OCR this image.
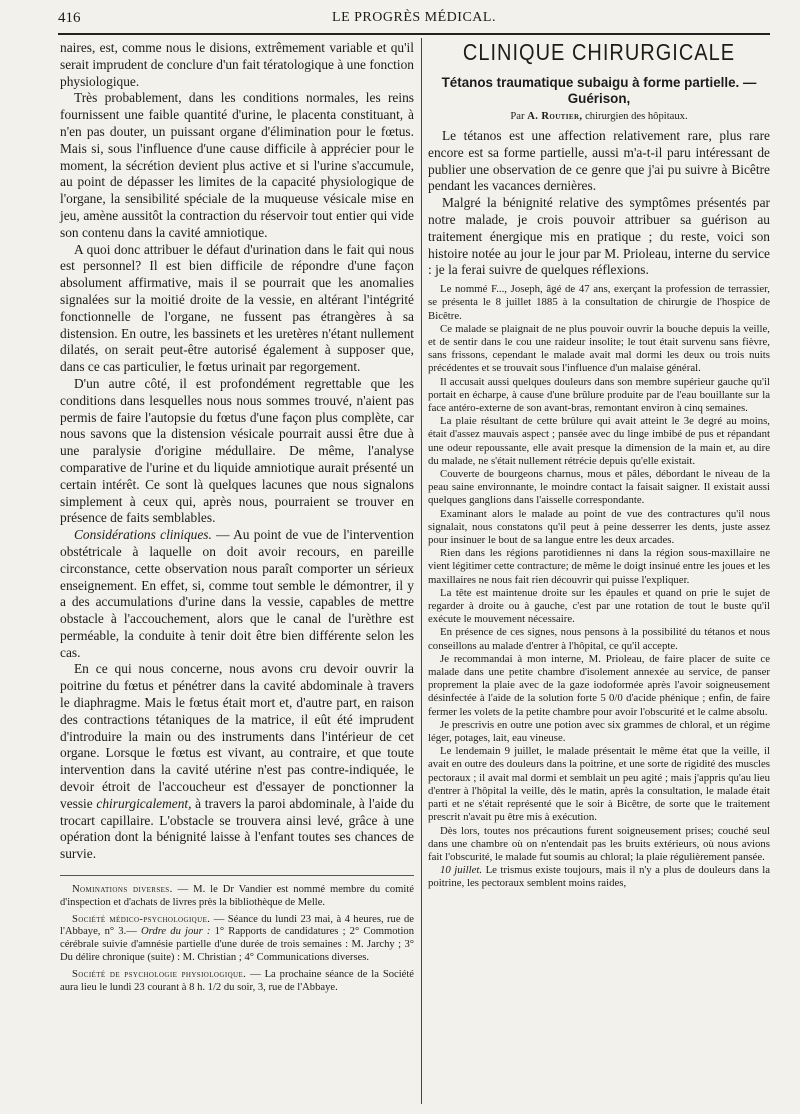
416	LE PROGRÈS MÉDICAL.

naires, est, comme nous le disions, extrêmement variable et qu'il serait imprudent de conclure d'un fait tératologique à une fonction physiologique.

Très probablement, dans les conditions normales, les reins fournissent une faible quantité d'urine, le placenta constituant, à n'en pas douter, un puissant organe d'élimination pour le fœtus. Mais si, sous l'influence d'une cause difficile à apprécier pour le moment, la sécrétion devient plus active et si l'urine s'accumule, au point de dépasser les limites de la capacité physiologique de l'organe, la sensibilité spéciale de la muqueuse vésicale mise en jeu, amène aussitôt la contraction du réservoir tout entier qui vide son contenu dans la cavité amniotique.

A quoi donc attribuer le défaut d'urination dans le fait qui nous est personnel? Il est bien difficile de répondre d'une façon absolument affirmative, mais il se pourrait que les anomalies signalées sur la moitié droite de la vessie, en altérant l'intégrité fonctionnelle de l'organe, ne fussent pas étrangères à sa distension. En outre, les bassinets et les uretères n'étant nullement dilatés, on serait peut-être autorisé également à supposer que, dans ce cas particulier, le fœtus urinait par regorgement.

D'un autre côté, il est profondément regrettable que les conditions dans lesquelles nous nous sommes trouvé, n'aient pas permis de faire l'autopsie du fœtus d'une façon plus complète, car nous savons que la distension vésicale pourrait aussi être due à une paralysie d'origine médullaire. De même, l'analyse comparative de l'urine et du liquide amniotique aurait présenté un certain intérêt. Ce sont là quelques lacunes que nous signalons simplement à ceux qui, après nous, pourraient se trouver en présence de faits semblables.

Considérations cliniques. — Au point de vue de l'intervention obstétricale à laquelle on doit avoir recours, en pareille circonstance, cette observation nous paraît comporter un sérieux enseignement. En effet, si, comme tout semble le démontrer, il y a des accumulations d'urine dans la vessie, capables de mettre obstacle à l'accouchement, alors que le canal de l'urèthre est perméable, la conduite à tenir doit être bien différente selon les cas.

En ce qui nous concerne, nous avons cru devoir ouvrir la poitrine du fœtus et pénétrer dans la cavité abdominale à travers le diaphragme. Mais le fœtus était mort et, d'autre part, en raison des contractions tétaniques de la matrice, il eût été imprudent d'introduire la main ou des instruments dans l'intérieur de cet organe. Lorsque le fœtus est vivant, au contraire, et que toute intervention dans la cavité utérine n'est pas contre-indiquée, le devoir étroit de l'accoucheur est d'essayer de ponctionner la vessie chirurgicalement, à travers la paroi abdominale, à l'aide du trocart capillaire. L'obstacle se trouvera ainsi levé, grâce à une opération dont la bénignité laisse à l'enfant toutes ses chances de survie.

Nominations diverses. — M. le Dr Vandier est nommé membre du comité d'inspection et d'achats de livres près la bibliothèque de Melle.

Société médico-psychologique. — Séance du lundi 23 mai, à 4 heures, rue de l'Abbaye, n° 3.— Ordre du jour : 1° Rapports de candidatures ; 2° Commotion cérébrale suivie d'amnésie partielle d'une durée de trois semaines : M. Jarchy ; 3° Du délire chronique (suite) : M. Christian ; 4° Communications diverses.

Société de psychologie physiologique. — La prochaine séance de la Société aura lieu le lundi 23 courant à 8 h. 1/2 du soir, 3, rue de l'Abbaye.

CLINIQUE CHIRURGICALE
Tétanos traumatique subaigu à forme partielle. — Guérison,
Par A. Routier, chirurgien des hôpitaux.

Le tétanos est une affection relativement rare, plus rare encore est sa forme partielle, aussi m'a-t-il paru intéressant de publier une observation de ce genre que j'ai pu suivre à Bicêtre pendant les vacances dernières.

Malgré la bénignité relative des symptômes présentés par notre malade, je crois pouvoir attribuer sa guérison au traitement énergique mis en pratique ; du reste, voici son histoire notée au jour le jour par M. Prioleau, interne du service : je la ferai suivre de quelques réflexions.

Le nommé F..., Joseph, âgé de 47 ans, exerçant la profession de terrassier, se présenta le 8 juillet 1885 à la consultation de chirurgie de l'hospice de Bicêtre.

Ce malade se plaignait de ne plus pouvoir ouvrir la bouche depuis la veille, et de sentir dans le cou une raideur insolite; le tout était survenu sans fièvre, sans frissons, cependant le malade avait mal dormi les deux ou trois nuits précédentes et se trouvait sous l'influence d'un malaise général.

Il accusait aussi quelques douleurs dans son membre supérieur gauche qu'il portait en écharpe, à cause d'une brûlure produite par de l'eau bouillante sur la face antéro-externe de son avant-bras, remontant environ à cinq semaines.

La plaie résultant de cette brûlure qui avait atteint le 3e degré au moins, était d'assez mauvais aspect ; pansée avec du linge imbibé de pus et répandant une odeur repoussante, elle avait presque la dimension de la main et, au dire du malade, ne s'était nullement rétrécie depuis qu'elle existait.

Couverte de bourgeons charnus, mous et pâles, débordant le niveau de la peau saine environnante, le moindre contact la faisait saigner. Il existait aussi quelques ganglions dans l'aisselle correspondante.

Examinant alors le malade au point de vue des contractures qu'il nous signalait, nous constatons qu'il peut à peine desserrer les dents, juste assez pour insinuer le bout de sa langue entre les deux arcades.

Rien dans les régions parotidiennes ni dans la région sous-maxillaire ne vient légitimer cette contracture; de même le doigt insinué entre les joues et les maxillaires ne nous fait rien découvrir qui puisse l'expliquer.

La tête est maintenue droite sur les épaules et quand on prie le sujet de regarder à droite ou à gauche, c'est par une rotation de tout le buste qu'il exécute le mouvement nécessaire.

En présence de ces signes, nous pensons à la possibilité du tétanos et nous conseillons au malade d'entrer à l'hôpital, ce qu'il accepte.

Je recommandai à mon interne, M. Prioleau, de faire placer de suite ce malade dans une petite chambre d'isolement annexée au service, de panser proprement la plaie avec de la gaze iodoformée après l'avoir soigneusement désinfectée à l'aide de la solution forte 5 0/0 d'acide phénique ; enfin, de faire fermer les volets de la petite chambre pour avoir l'obscurité et le calme absolu.

Je prescrivis en outre une potion avec six grammes de chloral, et un régime léger, potages, lait, eau vineuse.

Le lendemain 9 juillet, le malade présentait le même état que la veille, il avait en outre des douleurs dans la poitrine, et une sorte de rigidité des muscles pectoraux ; il avait mal dormi et semblait un peu agité ; mais j'appris qu'au lieu d'entrer à l'hôpital la veille, dès le matin, après la consultation, le malade était parti et ne s'était représenté que le soir à Bicêtre, de sorte que le traitement prescrit n'avait pu être mis à exécution.

Dès lors, toutes nos précautions furent soigneusement prises; couché seul dans une chambre où on n'entendait pas les bruits extérieurs, où nous avions fait l'obscurité, le malade fut soumis au chloral; la plaie régulièrement pansée.

10 juillet. Le trismus existe toujours, mais il n'y a plus de douleurs dans la poitrine, les pectoraux semblent moins raides,
